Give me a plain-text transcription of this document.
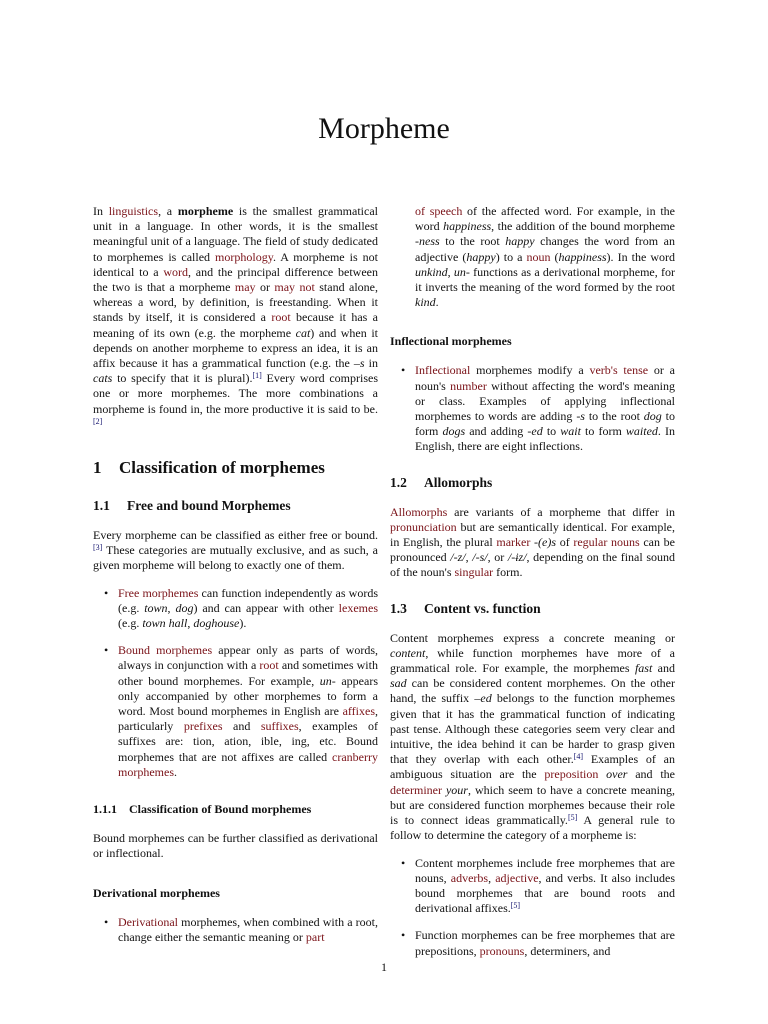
Morpheme

In linguistics, a morpheme is the smallest grammatical unit in a language. In other words, it is the smallest meaningful unit of a language. The field of study dedicated to morphemes is called morphology. A morpheme is not identical to a word, and the principal difference between the two is that a morpheme may or may not stand alone, whereas a word, by definition, is freestanding. When it stands by itself, it is considered a root because it has a meaning of its own (e.g. the morpheme cat) and when it depends on another morpheme to express an idea, it is an affix because it has a grammatical function (e.g. the –s in cats to specify that it is plural).[1] Every word comprises one or more morphemes. The more combinations a morpheme is found in, the more productive it is said to be.[2]

1 Classification of morphemes
1.1 Free and bound Morphemes

Every morpheme can be classified as either free or bound.[3] These categories are mutually exclusive, and as such, a given morpheme will belong to exactly one of them.

• Free morphemes can function independently as words (e.g. town, dog) and can appear with other lexemes (e.g. town hall, doghouse).
• Bound morphemes appear only as parts of words, always in conjunction with a root and sometimes with other bound morphemes. For example, un- appears only accompanied by other morphemes to form a word. Most bound morphemes in English are affixes, particularly prefixes and suffixes, examples of suffixes are: tion, ation, ible, ing, etc. Bound morphemes that are not affixes are called cranberry morphemes.
1.1.1 Classification of Bound morphemes

Bound morphemes can be further classified as derivational or inflectional.

Derivational morphemes
• Derivational morphemes, when combined with a root, change either the semantic meaning or part

of speech of the affected word. For example, in the word happiness, the addition of the bound morpheme -ness to the root happy changes the word from an adjective (happy) to a noun (happiness). In the word unkind, un- functions as a derivational morpheme, for it inverts the meaning of the word formed by the root kind.

Inflectional morphemes
• Inflectional morphemes modify a verb's tense or a noun's number without affecting the word's meaning or class. Examples of applying inflectional morphemes to words are adding -s to the root dog to form dogs and adding -ed to wait to form waited. In English, there are eight inflections.
1.2 Allomorphs

Allomorphs are variants of a morpheme that differ in pronunciation but are semantically identical. For example, in English, the plural marker -(e)s of regular nouns can be pronounced /-z/, /-s/, or /-ɨz/, depending on the final sound of the noun's singular form.

1.3 Content vs. function

Content morphemes express a concrete meaning or content, while function morphemes have more of a grammatical role. For example, the morphemes fast and sad can be considered content morphemes. On the other hand, the suffix –ed belongs to the function morphemes given that it has the grammatical function of indicating past tense. Although these categories seem very clear and intuitive, the idea behind it can be harder to grasp given that they overlap with each other.[4] Examples of an ambiguous situation are the preposition over and the determiner your, which seem to have a concrete meaning, but are considered function morphemes because their role is to connect ideas grammatically.[5] A general rule to follow to determine the category of a morpheme is:

• Content morphemes include free morphemes that are nouns, adverbs, adjective, and verbs. It also includes bound morphemes that are bound roots and derivational affixes.[5]
• Function morphemes can be free morphemes that are prepositions, pronouns, determiners, and
1
